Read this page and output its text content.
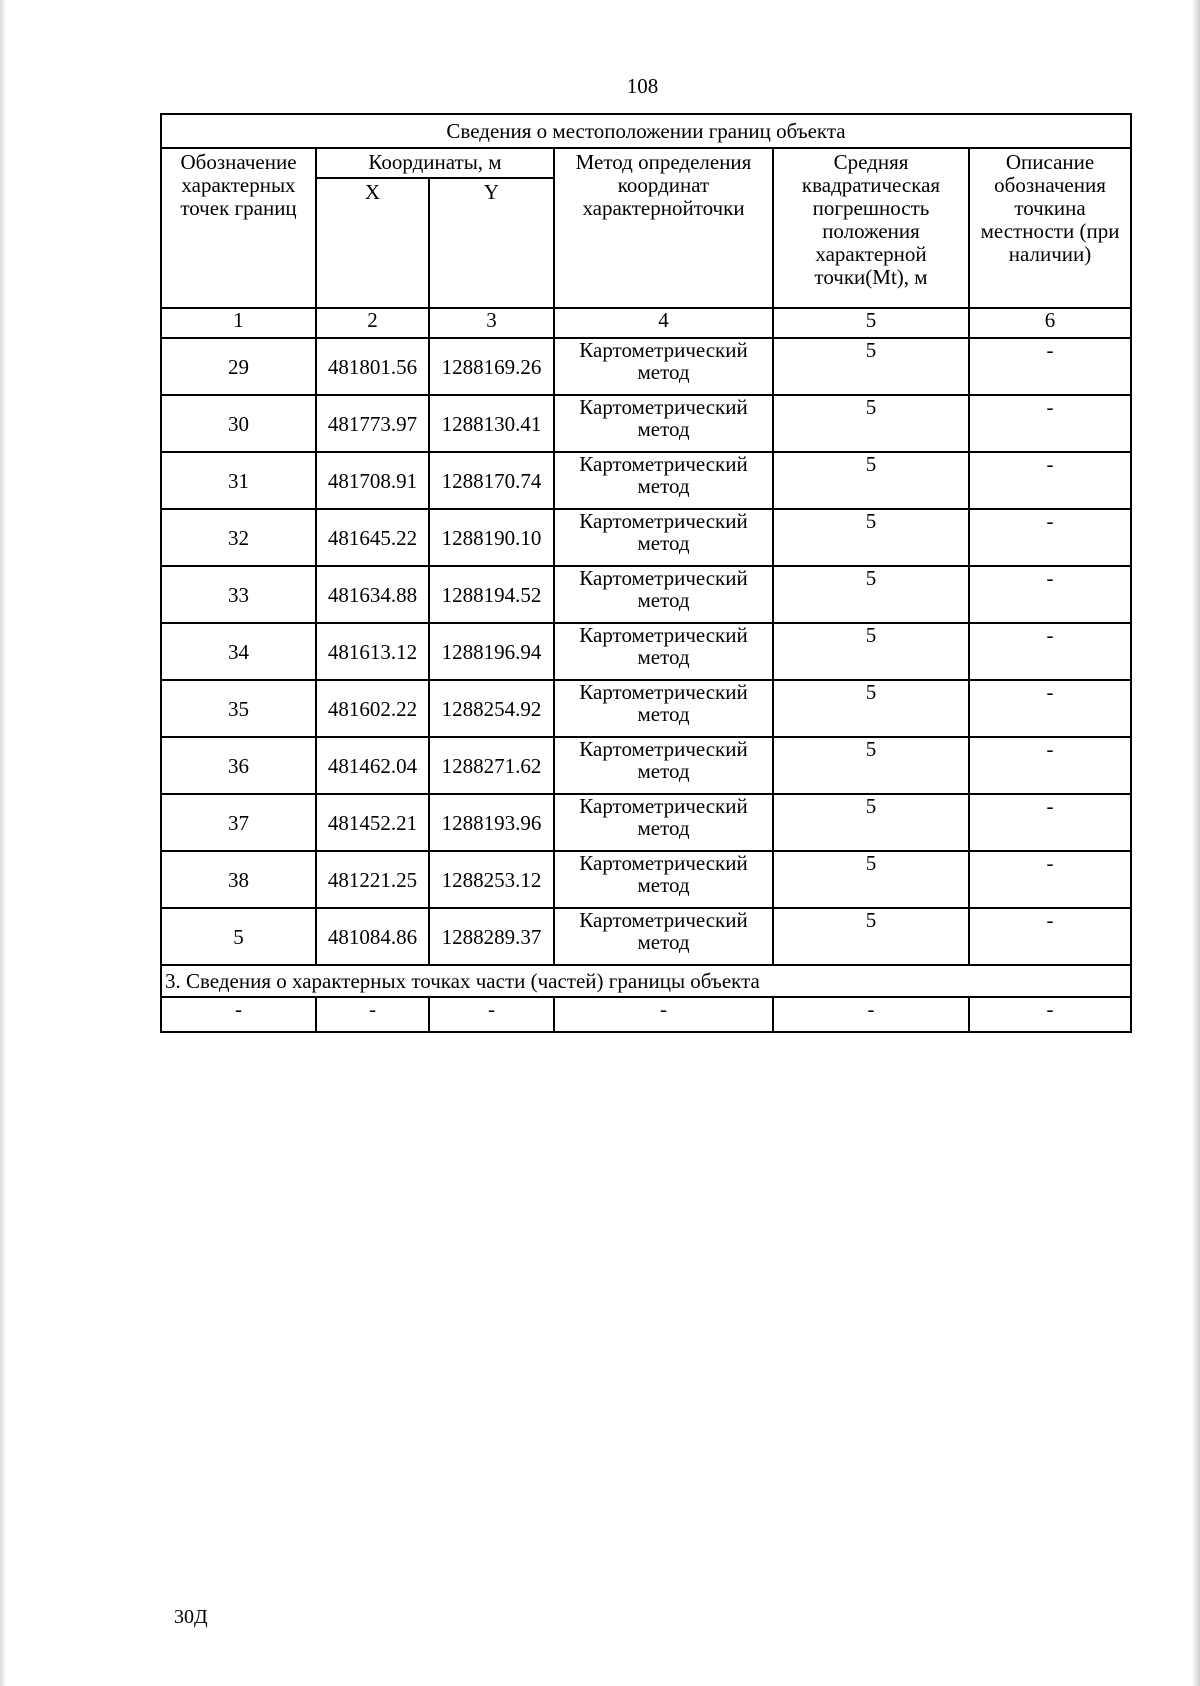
108
Сведения о местоположении границ объекта					
Обозначение характерных точек границ	Координаты, м		Метод определения координат характернойточки	Средняя квадратическая погрешность положения характерной точки(Mt), м	Описание обозначения точкина местности (при наличии)
	X	Y			
1	2	3	4	5	6
29	481801.56	1288169.26	Картометрический метод	5	-
30	481773.97	1288130.41	Картометрический метод	5	-
31	481708.91	1288170.74	Картометрический метод	5	-
32	481645.22	1288190.10	Картометрический метод	5	-
33	481634.88	1288194.52	Картометрический метод	5	-
34	481613.12	1288196.94	Картометрический метод	5	-
35	481602.22	1288254.92	Картометрический метод	5	-
36	481462.04	1288271.62	Картометрический метод	5	-
37	481452.21	1288193.96	Картометрический метод	5	-
38	481221.25	1288253.12	Картометрический метод	5	-
5	481084.86	1288289.37	Картометрический метод	5	-
3. Сведения о характерных точках части (частей) границы объекта					
-	-	-	-	-	-
30Д
